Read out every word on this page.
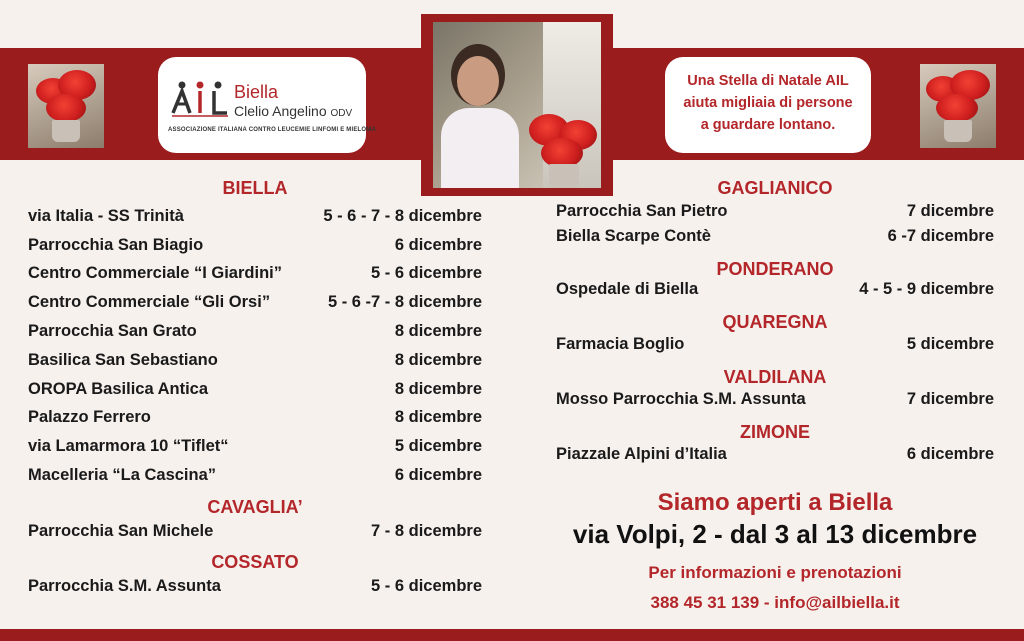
Biella
Clelio Angelino ODV
ASSOCIAZIONE ITALIANA CONTRO LEUCEMIE LINFOMI E MIELOMA
Una Stella di Natale AIL
aiuta migliaia di persone
a guardare lontano.
BIELLA
via Italia - SS Trinità	5 - 6 - 7 - 8 dicembre
Parrocchia San Biagio	6 dicembre
Centro Commerciale “I Giardini”	5 - 6 dicembre
Centro Commerciale “Gli Orsi”	5 - 6 -7 - 8 dicembre
Parrocchia San Grato	8 dicembre
Basilica San Sebastiano	8 dicembre
OROPA Basilica Antica	8 dicembre
Palazzo Ferrero	8 dicembre
via Lamarmora 10 “Tiflet“	5 dicembre
Macelleria “La Cascina”	6 dicembre
CAVAGLIA’
Parrocchia San Michele	7 - 8 dicembre
COSSATO
Parrocchia S.M. Assunta	5 - 6 dicembre
GAGLIANICO
Parrocchia San Pietro	7 dicembre
Biella Scarpe Contè	6 -7 dicembre
PONDERANO
Ospedale di Biella	4 - 5 - 9 dicembre
QUAREGNA
Farmacia Boglio	5 dicembre
VALDILANA
Mosso Parrocchia S.M. Assunta	7 dicembre
ZIMONE
Piazzale Alpini d’Italia	6 dicembre
Siamo aperti a Biella
via Volpi, 2 - dal 3 al 13 dicembre
Per informazioni e prenotazioni
388 45 31 139 - info@ailbiella.it
